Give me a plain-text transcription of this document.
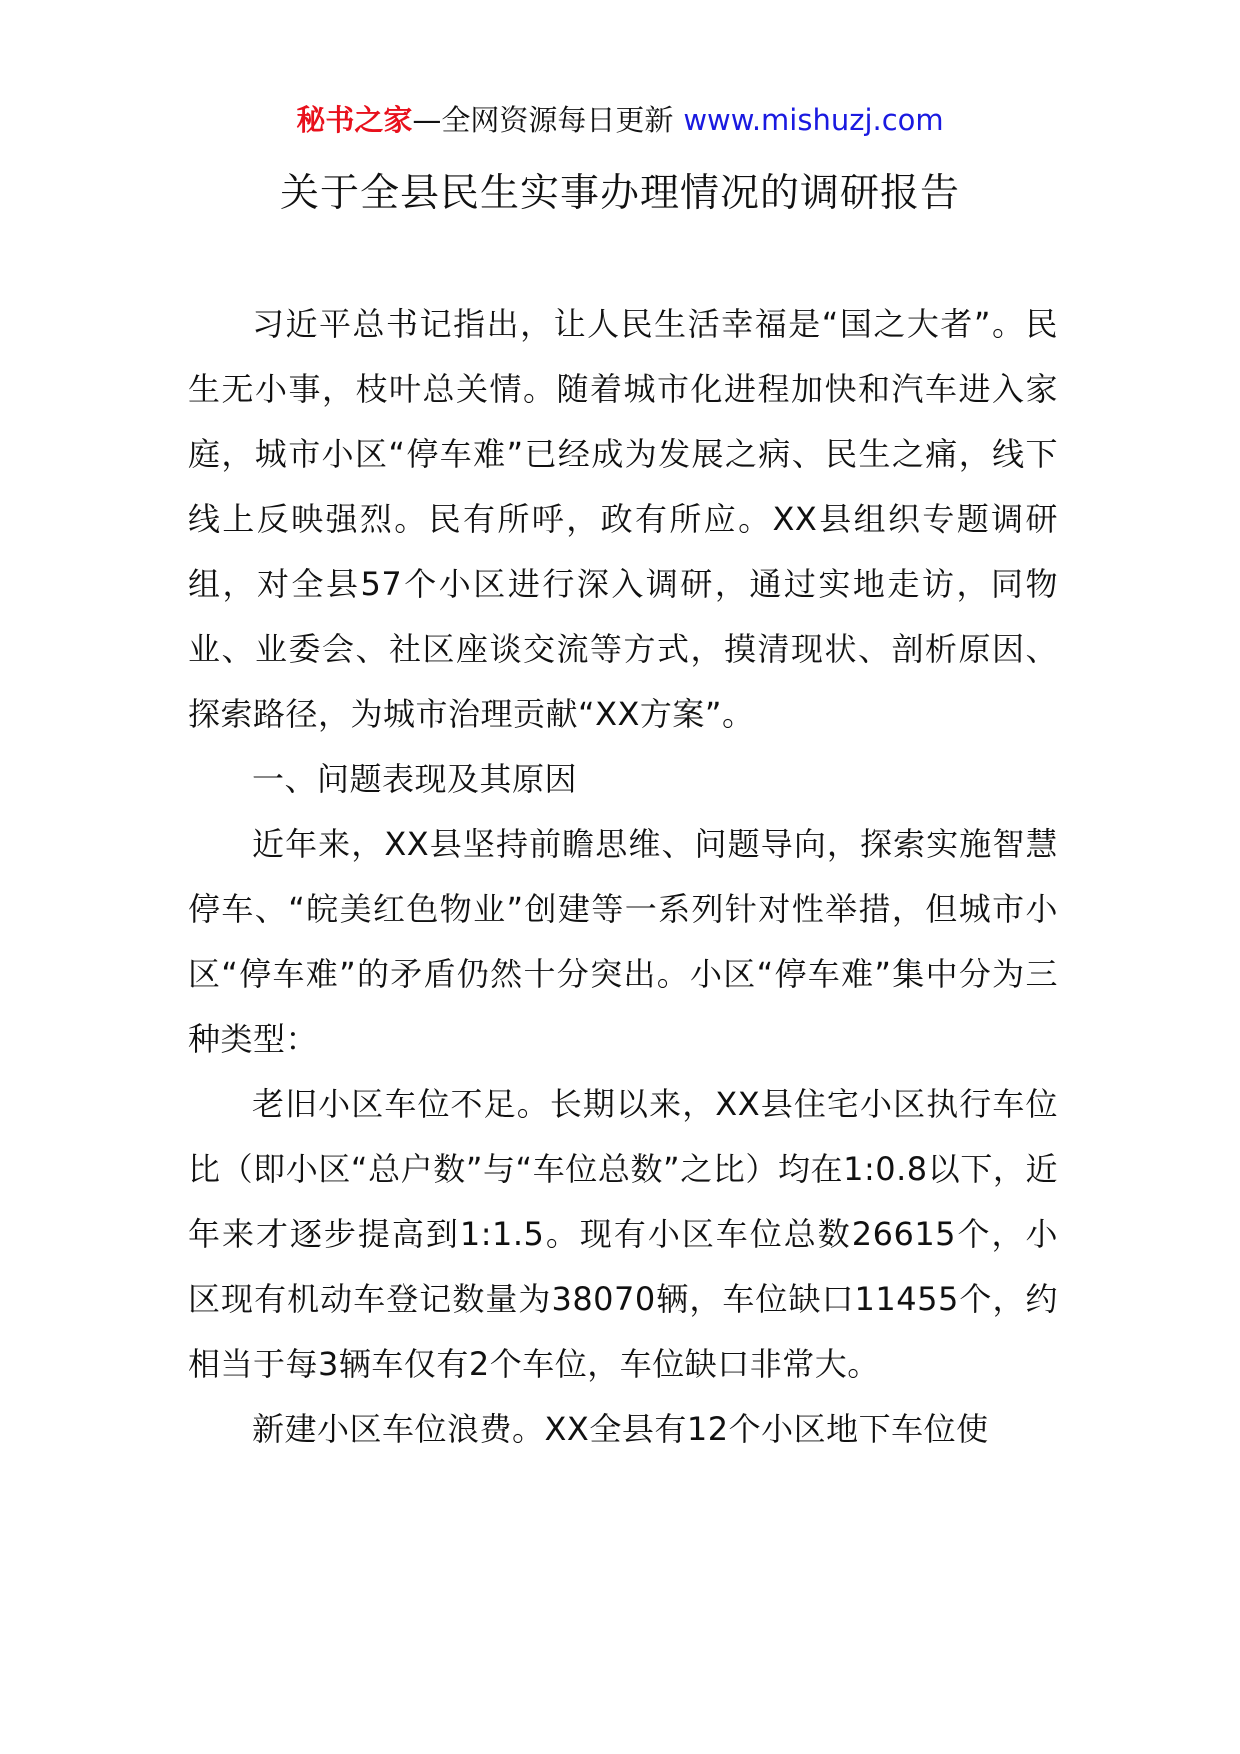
秘书之家—全网资源每日更新 www.mishuzj.com
关于全县民生实事办理情况的调研报告

习近平总书记指出，让人民生活幸福是“国之大者”。民生无小事，枝叶总关情。随着城市化进程加快和汽车进入家庭，城市小区“停车难”已经成为发展之病、民生之痛，线下线上反映强烈。民有所呼，政有所应。XX县组织专题调研组，对全县57个小区进行深入调研，通过实地走访，同物业、业委会、社区座谈交流等方式，摸清现状、剖析原因、探索路径，为城市治理贡献“XX方案”。

一、问题表现及其原因

近年来，XX县坚持前瞻思维、问题导向，探索实施智慧停车、“皖美红色物业”创建等一系列针对性举措，但城市小区“停车难”的矛盾仍然十分突出。小区“停车难”集中分为三种类型：

老旧小区车位不足。长期以来，XX县住宅小区执行车位比（即小区“总户数”与“车位总数”之比）均在1:0.8以下，近年来才逐步提高到1:1.5。现有小区车位总数26615个，小区现有机动车登记数量为38070辆，车位缺口11455个，约相当于每3辆车仅有2个车位，车位缺口非常大。

新建小区车位浪费。XX全县有12个小区地下车位使
